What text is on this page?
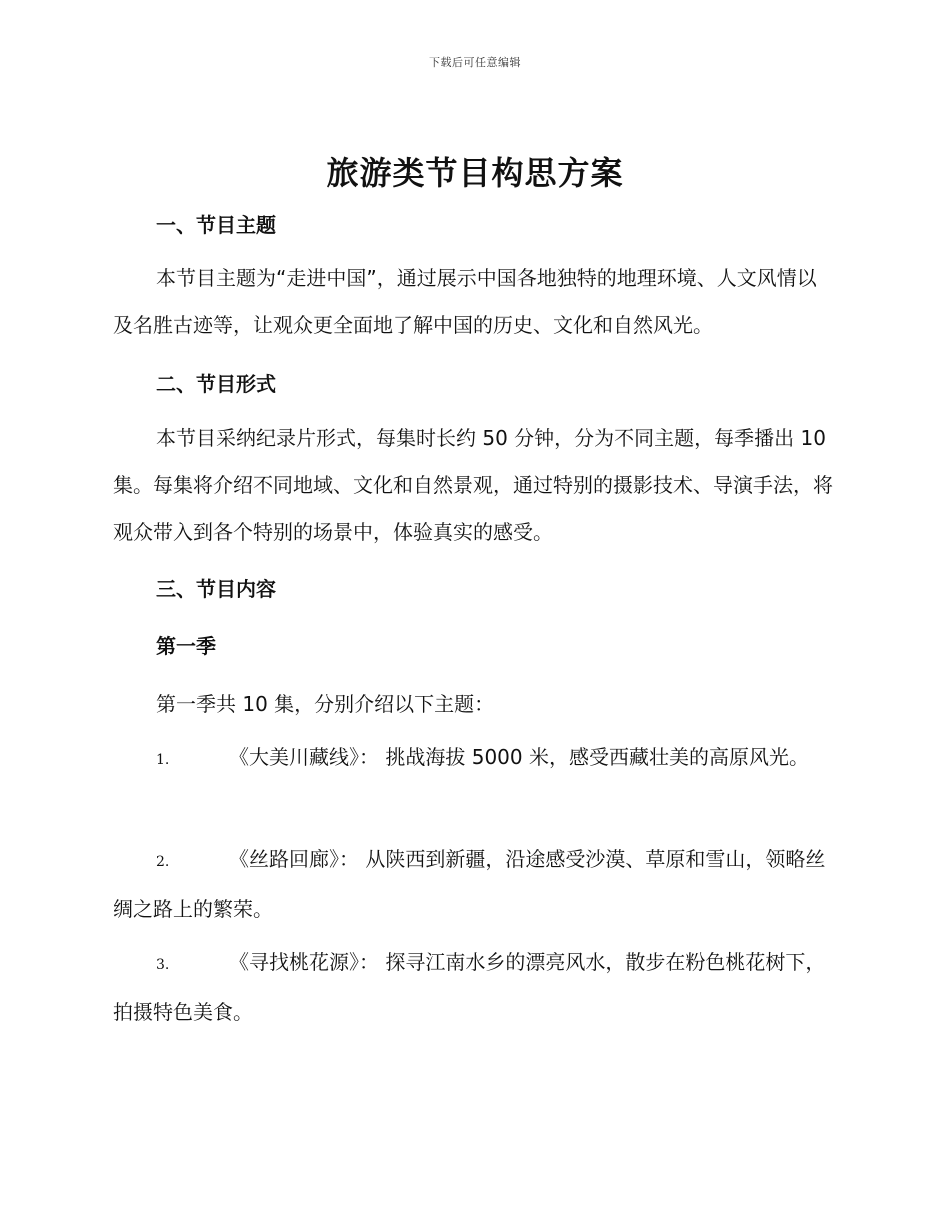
下载后可任意编辑
旅游类节目构思方案
一、节目主题

本节目主题为“走进中国”，通过展示中国各地独特的地理环境、人文风情以及名胜古迹等，让观众更全面地了解中国的历史、文化和自然风光。

二、节目形式

本节目采纳纪录片形式，每集时长约 50 分钟，分为不同主题，每季播出 10 集。每集将介绍不同地域、文化和自然景观，通过特别的摄影技术、导演手法，将观众带入到各个特别的场景中，体验真实的感受。

三、节目内容
第一季

第一季共 10 集，分别介绍以下主题：

1.	《大美川藏线》： 挑战海拔 5000 米，感受西藏壮美的高原风光。

2.	《丝路回廊》： 从陕西到新疆，沿途感受沙漠、草原和雪山，领略丝绸之路上的繁荣。

3.	《寻找桃花源》： 探寻江南水乡的漂亮风水，散步在粉色桃花树下，拍摄特色美食。
